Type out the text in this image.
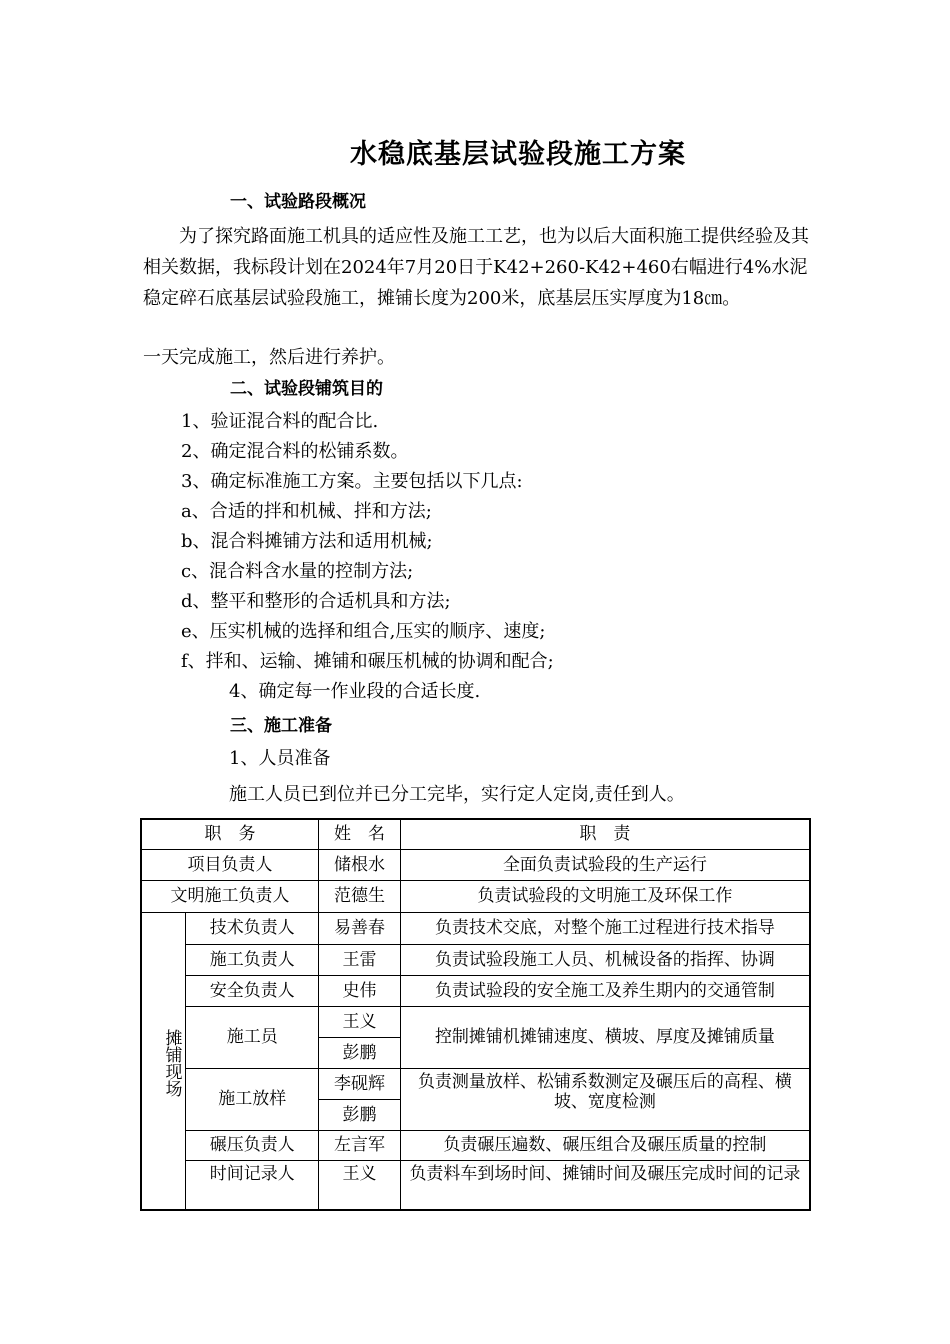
水稳底基层试验段施工方案
一、试验路段概况
为了探究路面施工机具的适应性及施工工艺，也为以后大面积施工提供经验及其相关数据，我标段计划在2024年7月20日于K42+260-K42+460右幅进行4%水泥稳定碎石底基层试验段施工，摊铺长度为200米，底基层压实厚度为18㎝。
一天完成施工，然后进行养护。
二、试验段铺筑目的
1、验证混合料的配合比.
2、确定混合料的松铺系数。
3、确定标准施工方案。主要包括以下几点:
a、合适的拌和机械、拌和方法;
b、混合料摊铺方法和适用机械;
c、混合料含水量的控制方法;
d、整平和整形的合适机具和方法;
e、压实机械的选择和组合,压实的顺序、速度;
f、拌和、运输、摊铺和碾压机械的协调和配合;
4、确定每一作业段的合适长度.
三、施工准备
1、人员准备
施工人员已到位并已分工完毕，实行定人定岗,责任到人。
职　务		姓　名	职　责
项目负责人		储根水	全面负责试验段的生产运行
文明施工负责人		范德生	负责试验段的文明施工及环保工作
摊铺现场	技术负责人	易善春	负责技术交底，对整个施工过程进行技术指导
	施工负责人	王雷	负责试验段施工人员、机械设备的指挥、协调
	安全负责人	史伟	负责试验段的安全施工及养生期内的交通管制
	施工员	王义	控制摊铺机摊铺速度、横坡、厚度及摊铺质量
		彭鹏	
	施工放样	李砚辉	负责测量放样、松铺系数测定及碾压后的高程、横坡、宽度检测
		彭鹏	
	碾压负责人	左言军	负责碾压遍数、碾压组合及碾压质量的控制
	时间记录人	王义	负责料车到场时间、摊铺时间及碾压完成时间的记录
